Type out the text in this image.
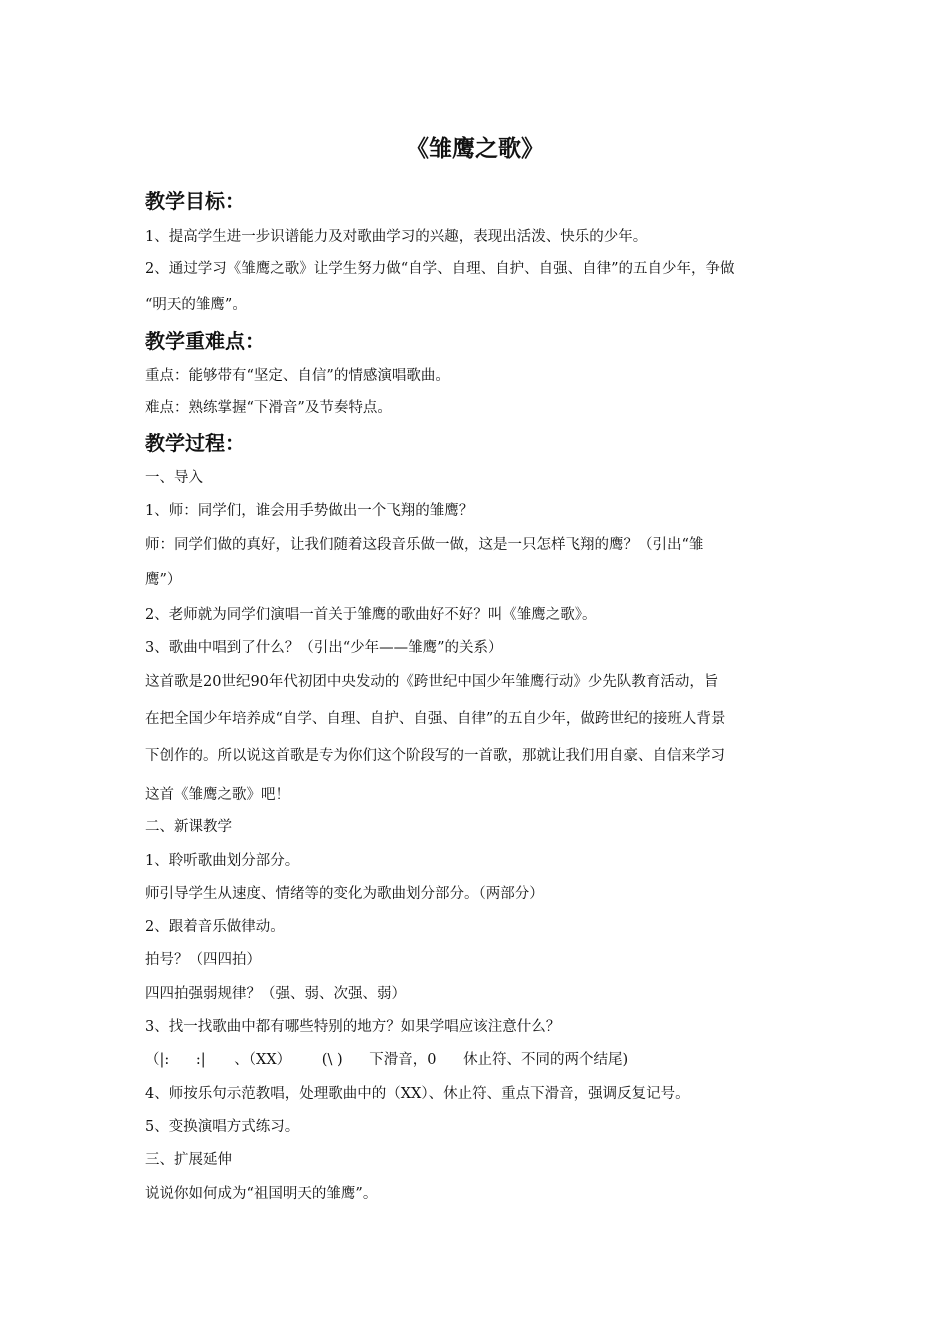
《雏鹰之歌》
教学目标：
1、提高学生进一步识谱能力及对歌曲学习的兴趣，表现出活泼、快乐的少年。
2、通过学习《雏鹰之歌》让学生努力做“自学、自理、自护、自强、自律”的五自少年，争做
“明天的雏鹰”。
教学重难点：
重点：能够带有“坚定、自信”的情感演唱歌曲。
难点：熟练掌握“下滑音”及节奏特点。
教学过程：
一、导入
1、师：同学们，谁会用手势做出一个飞翔的雏鹰？
师：同学们做的真好，让我们随着这段音乐做一做，这是一只怎样飞翔的鹰？（引出“雏
鹰”）
2、老师就为同学们演唱一首关于雏鹰的歌曲好不好？叫《雏鹰之歌》。
3、歌曲中唱到了什么？（引出“少年——雏鹰”的关系）
这首歌是20世纪90年代初团中央发动的《跨世纪中国少年雏鹰行动》少先队教育活动，旨
在把全国少年培养成“自学、自理、自护、自强、自律”的五自少年，做跨世纪的接班人背景
下创作的。所以说这首歌是专为你们这个阶段写的一首歌，那就让我们用自豪、自信来学习
这首《雏鹰之歌》吧！
二、新课教学
1、聆听歌曲划分部分。
师引导学生从速度、情绪等的变化为歌曲划分部分。（两部分）
2、跟着音乐做律动。
拍号？（四四拍）
四四拍强弱规律？（强、弱、次强、弱）
3、找一找歌曲中都有哪些特别的地方？如果学唱应该注意什么？
（|: :| 、（XX） (\ ) 下滑音，0 休止符、不同的两个结尾)
4、师按乐句示范教唱，处理歌曲中的（XX）、休止符、重点下滑音，强调反复记号。
5、变换演唱方式练习。
三、扩展延伸
说说你如何成为“祖国明天的雏鹰”。
